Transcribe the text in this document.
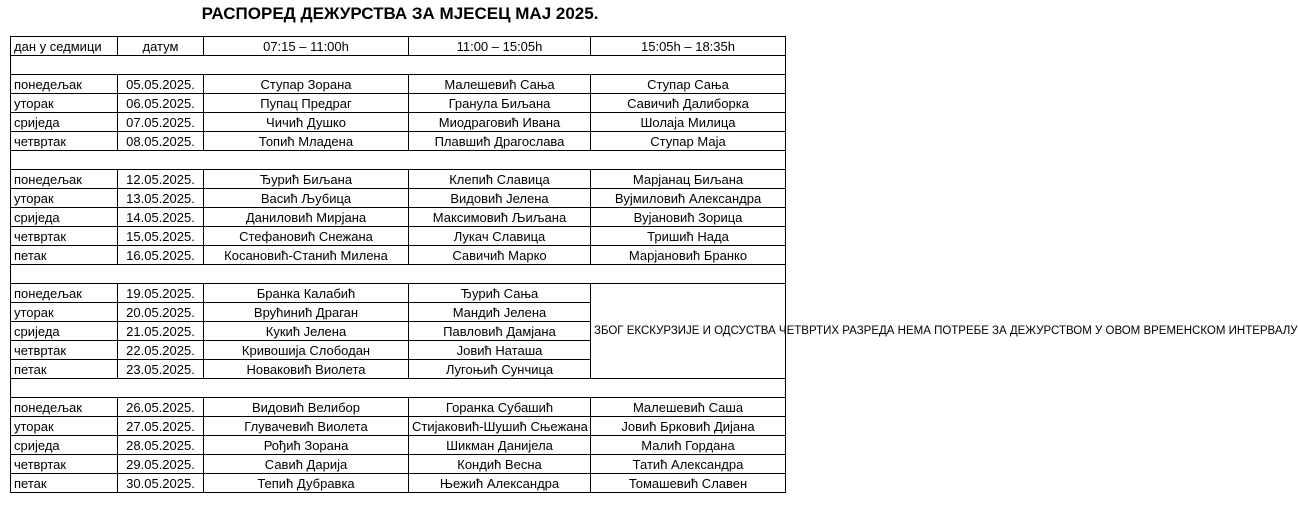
РАСПОРЕД ДЕЖУРСТВА ЗА МЈЕСЕЦ МАЈ 2025.
дан у седмици	датум	07:15 – 11:00h	11:00 – 15:05h	15:05h – 18:35h

понедељак	05.05.2025.	Ступар Зорана	Малешевић Сања	Ступар Сања
уторак	06.05.2025.	Пупац Предраг	Гранула Биљана	Савичић Далиборка
сриједа	07.05.2025.	Чичић Душко	Миодраговић Ивана	Шолаја Милица
четвртак	08.05.2025.	Топић Младена	Плавшић Драгослава	Ступар Маја

понедељак	12.05.2025.	Ђурић Биљана	Клепић Славица	Марјанац Биљана
уторак	13.05.2025.	Васић Љубица	Видовић Јелена	Вујмиловић Александра
сриједа	14.05.2025.	Даниловић Мирјана	Максимовић Љиљана	Вујановић Зорица
четвртак	15.05.2025.	Стефановић Снежана	Лукач Славица	Тришић Нада
петак	16.05.2025.	Косановић-Станић Милена	Савичић Марко	Марјановић Бранко

понедељак	19.05.2025.	Бранка Калабић	Ђурић Сања	ЗБОГ ЕКСКУРЗИЈЕ И ОДСУСТВА ЧЕТВРТИХ РАЗРЕДА НЕМА ПОТРЕБЕ ЗА ДЕЖУРСТВОМ У ОВОМ ВРЕМЕНСКОМ ИНТЕРВАЛУ
уторак	20.05.2025.	Врућинић Драган	Мандић Јелена	
сриједа	21.05.2025.	Кукић Јелена	Павловић Дамјана	
четвртак	22.05.2025.	Кривошија Слободан	Јовић Наташа	
петак	23.05.2025.	Новаковић Виолета	Лугоњић Сунчица	

понедељак	26.05.2025.	Видовић Велибор	Горанка Субашић	Малешевић Саша
уторак	27.05.2025.	Глувачевић Виолета	Стијаковић-Шушић Сњежана	Јовић Брковић Дијана
сриједа	28.05.2025.	Рођић Зорана	Шикман Данијела	Малић Гордана
четвртак	29.05.2025.	Савић Дарија	Кондић Весна	Татић Александра
петак	30.05.2025.	Тепић Дубравка	Њежић Александра	Томашевић Славен
